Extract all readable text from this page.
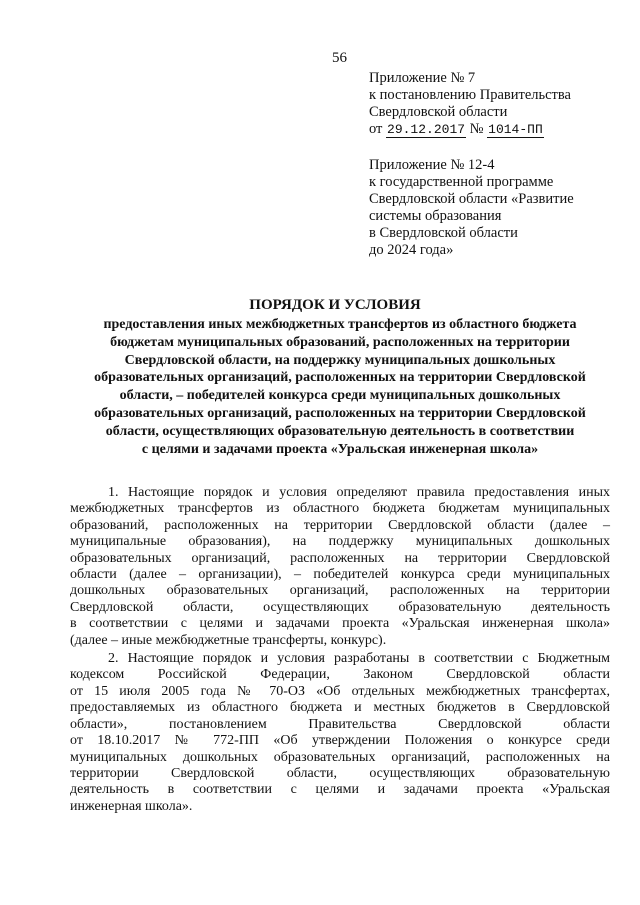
56
Приложение № 7
к постановлению Правительства
Свердловской области
от 29.12.2017 № 1014-ПП
Приложение № 12-4
к государственной программе
Свердловской области «Развитие
системы образования
в Свердловской области
до 2024 года»
ПОРЯДОК И УСЛОВИЯ
предоставления иных межбюджетных трансфертов из областного бюджета
бюджетам муниципальных образований, расположенных на территории
Свердловской области, на поддержку муниципальных дошкольных
образовательных организаций, расположенных на территории Свердловской
области, – победителей конкурса среди муниципальных дошкольных
образовательных организаций, расположенных на территории Свердловской
области, осуществляющих образовательную деятельность в соответствии
с целями и задачами проекта «Уральская инженерная школа»
1. Настоящие порядок и условия определяют правила предоставления иных
межбюджетных трансфертов из областного бюджета бюджетам муниципальных
образований, расположенных на территории Свердловской области (далее –
муниципальные образования), на поддержку муниципальных дошкольных
образовательных организаций, расположенных на территории Свердловской
области (далее – организации), – победителей конкурса среди муниципальных
дошкольных образовательных организаций, расположенных на территории
Свердловской области, осуществляющих образовательную деятельность
в соответствии с целями и задачами проекта «Уральская инженерная школа»
(далее – иные межбюджетные трансферты, конкурс).
2. Настоящие порядок и условия разработаны в соответствии с Бюджетным
кодексом Российской Федерации, Законом Свердловской области
от 15 июля 2005 года № 70-ОЗ «Об отдельных межбюджетных трансфертах,
предоставляемых из областного бюджета и местных бюджетов в Свердловской
области», постановлением Правительства Свердловской области
от 18.10.2017 № 772-ПП «Об утверждении Положения о конкурсе среди
муниципальных дошкольных образовательных организаций, расположенных на
территории Свердловской области, осуществляющих образовательную
деятельность в соответствии с целями и задачами проекта «Уральская
инженерная школа».
